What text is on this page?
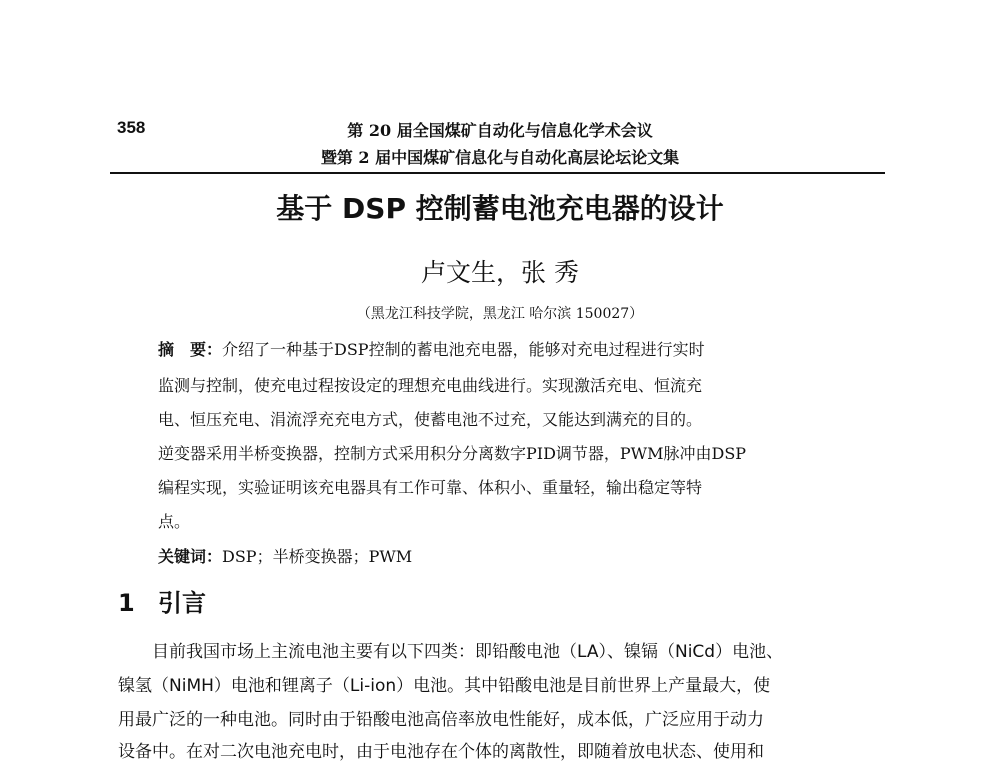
358	第 20 届全国煤矿自动化与信息化学术会议
暨第 2 届中国煤矿信息化与自动化高层论坛论文集
基于 DSP 控制蓄电池充电器的设计
卢文生，张 秀
（黑龙江科技学院，黑龙江 哈尔滨 150027）
摘　要：介绍了一种基于DSP控制的蓄电池充电器，能够对充电过程进行实时
监测与控制，使充电过程按设定的理想充电曲线进行。实现激活充电、恒流充
电、恒压充电、涓流浮充充电方式，使蓄电池不过充，又能达到满充的目的。
逆变器采用半桥变换器，控制方式采用积分分离数字PID调节器，PWM脉冲由DSP
编程实现，实验证明该充电器具有工作可靠、体积小、重量轻，输出稳定等特
点。
关键词：DSP；半桥变换器；PWM
1 引言
目前我国市场上主流电池主要有以下四类：即铅酸电池（LA）、镍镉（NiCd）电池、
镍氢（NiMH）电池和锂离子（Li-ion）电池。其中铅酸电池是目前世界上产量最大，使
用最广泛的一种电池。同时由于铅酸电池高倍率放电性能好，成本低，广泛应用于动力
设备中。在对二次电池充电时，由于电池存在个体的离散性，即随着放电状态、使用和
